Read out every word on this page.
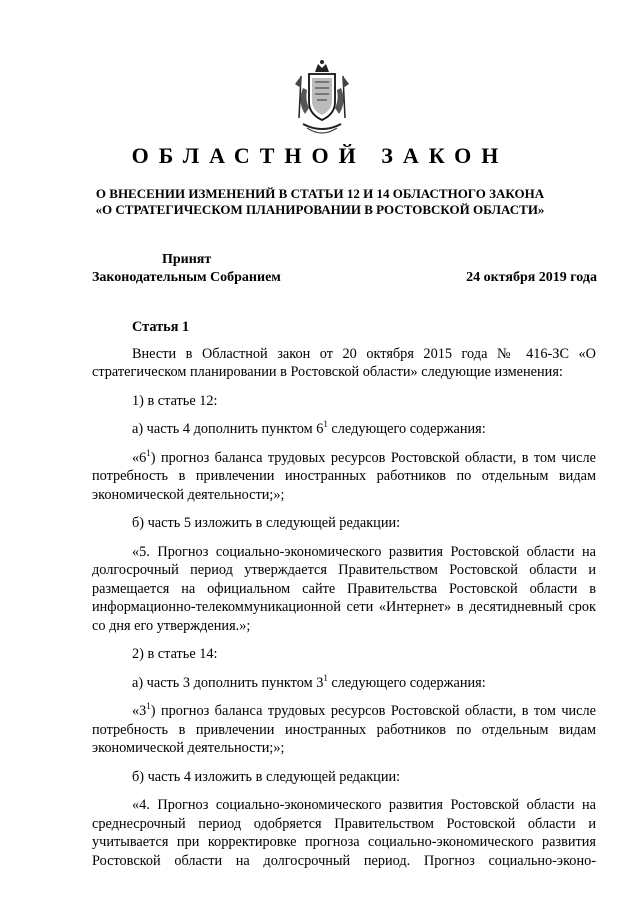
ОБЛАСТНОЙ ЗАКОН
О ВНЕСЕНИИ ИЗМЕНЕНИЙ В СТАТЬИ 12 И 14 ОБЛАСТНОГО ЗАКОНА
«О СТРАТЕГИЧЕСКОМ ПЛАНИРОВАНИИ В РОСТОВСКОЙ ОБЛАСТИ»
Принят
Законодательным Собранием	24 октября 2019 года

Статья 1

Внести в Областной закон от 20 октября 2015 года № 416-ЗС «О стратегическом планировании в Ростовской области» следующие изменения:

1) в статье 12:

а) часть 4 дополнить пунктом $6^1$ следующего содержания:

«$6^1$) прогноз баланса трудовых ресурсов Ростовской области, в том числе потребность в привлечении иностранных работников по отдельным видам экономической деятельности;»;

б) часть 5 изложить в следующей редакции:

«5. Прогноз социально-экономического развития Ростовской области на долгосрочный период утверждается Правительством Ростовской области и размещается на официальном сайте Правительства Ростовской области в информационно-телекоммуникационной сети «Интернет» в десятидневный срок со дня его утверждения.»;

2) в статье 14:

а) часть 3 дополнить пунктом $3^1$ следующего содержания:

«$3^1$) прогноз баланса трудовых ресурсов Ростовской области, в том числе потребность в привлечении иностранных работников по отдельным видам экономической деятельности;»;

б) часть 4 изложить в следующей редакции:

«4. Прогноз социально-экономического развития Ростовской области на среднесрочный период одобряется Правительством Ростовской области и учитывается при корректировке прогноза социально-экономического развития Ростовской области на долгосрочный период. Прогноз социально-эконо-
